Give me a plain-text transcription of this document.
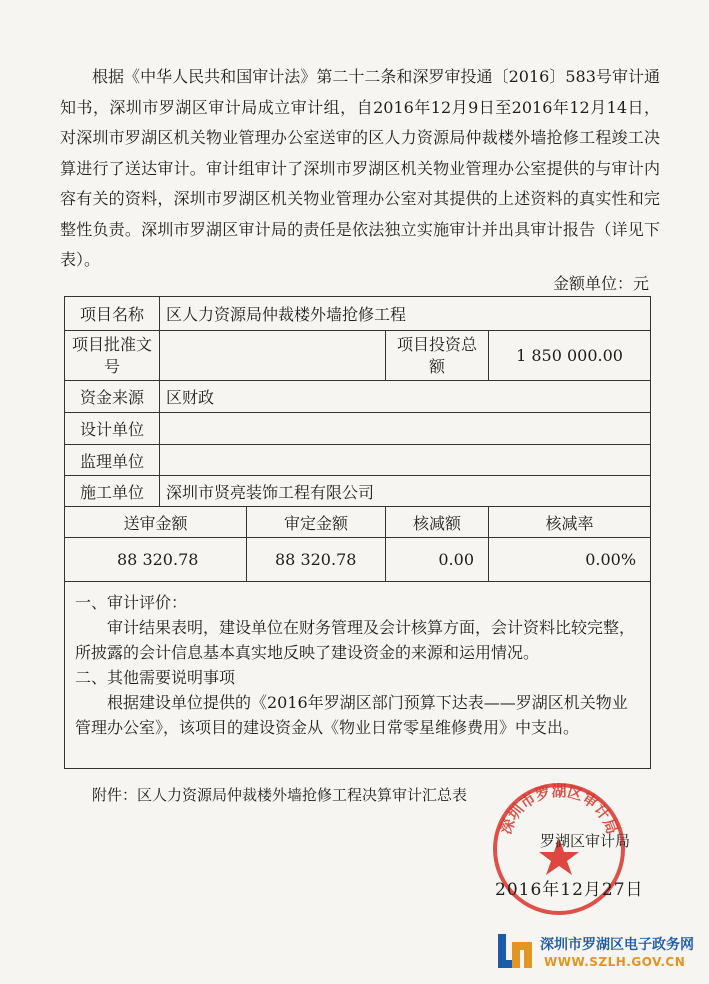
根据《中华人民共和国审计法》第二十二条和深罗审投通〔2016〕583号审计通知书，深圳市罗湖区审计局成立审计组，自2016年12月9日至2016年12月14日，对深圳市罗湖区机关物业管理办公室送审的区人力资源局仲裁楼外墙抢修工程竣工决算进行了送达审计。审计组审计了深圳市罗湖区机关物业管理办公室提供的与审计内容有关的资料，深圳市罗湖区机关物业管理办公室对其提供的上述资料的真实性和完整性负责。深圳市罗湖区审计局的责任是依法独立实施审计并出具审计报告（详见下表）。

金额单位：元
项目名称	区人力资源局仲裁楼外墙抢修工程			
项目批准文号			项目投资总额	1 850 000.00
资金来源	区财政			
设计单位				
监理单位				
施工单位	深圳市贤亮装饰工程有限公司			
送审金额		审定金额	核减额	核减率
88 320.78		88 320.78	0.00	0.00%

一、审计评价：

审计结果表明，建设单位在财务管理及会计核算方面，会计资料比较完整，所披露的会计信息基本真实地反映了建设资金的来源和运用情况。

二、其他需要说明事项

根据建设单位提供的《2016年罗湖区部门预算下达表——罗湖区机关物业管理办公室》，该项目的建设资金从《物业日常零星维修费用》中支出。				

附件：区人力资源局仲裁楼外墙抢修工程决算审计汇总表
深圳市罗湖区审计局
罗湖区审计局
2016年12月27日
深圳市罗湖区电子政务网
WWW.SZLH.GOV.CN
